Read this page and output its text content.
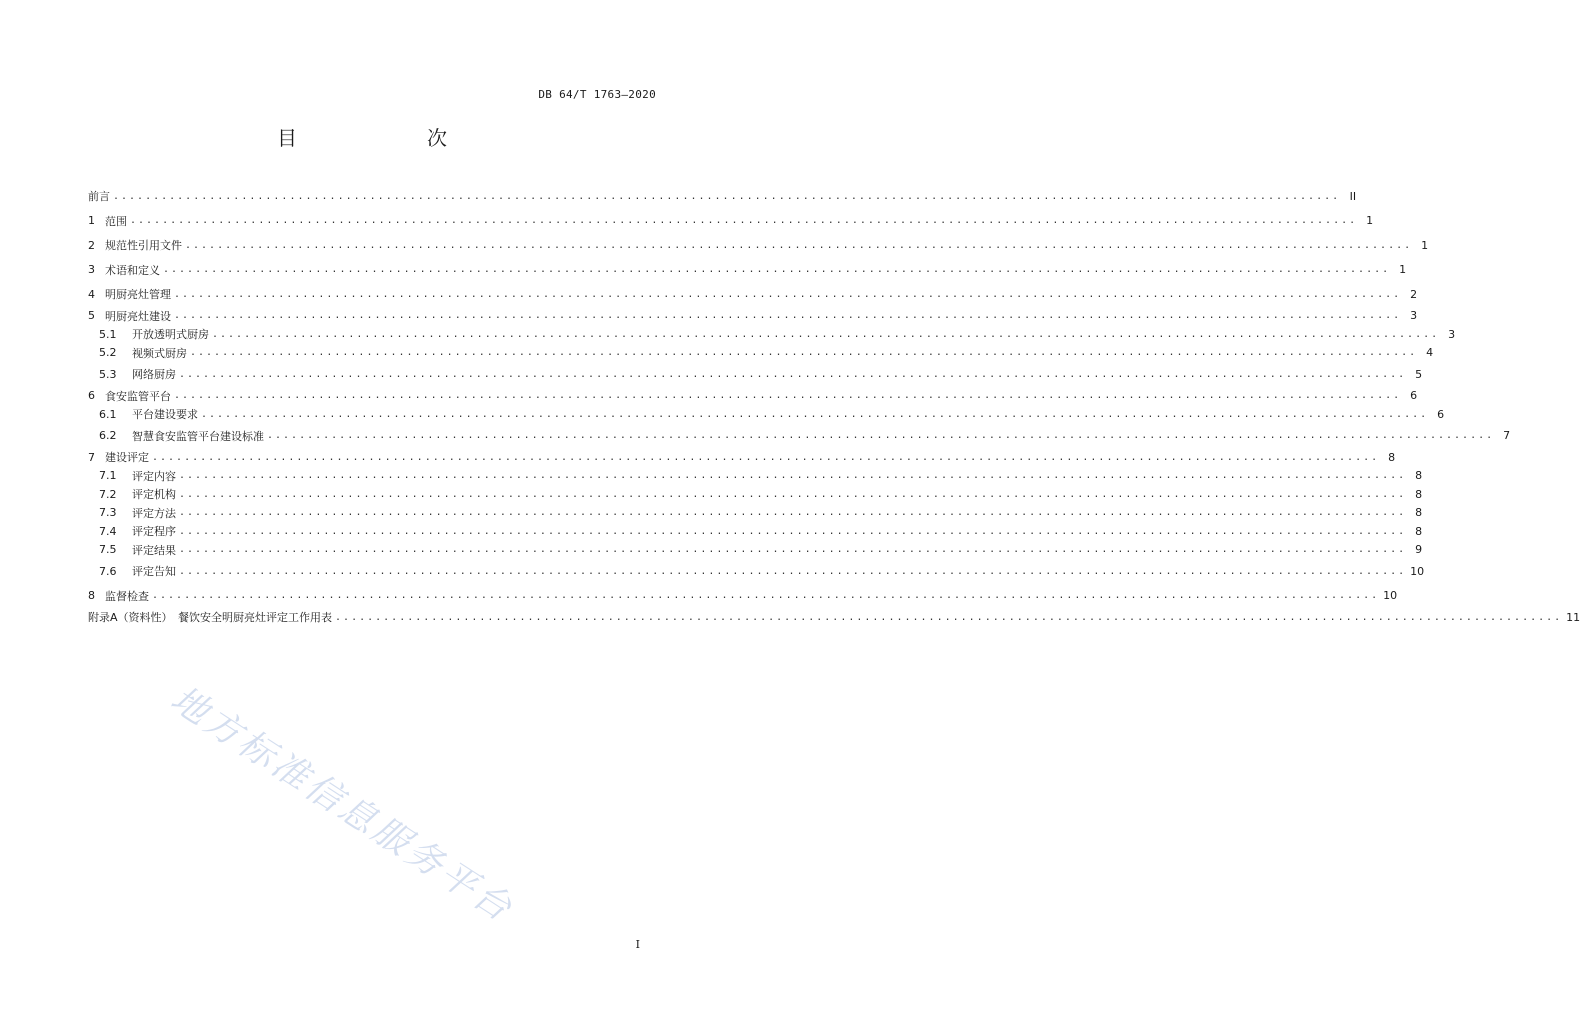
DB 64/T 1763—2020
目　　次
前言 .....	II
1 范围 .....	1
2 规范性引用文件 .....	1
3 术语和定义 .....	1
4 明厨亮灶管理 .....	2
5 明厨亮灶建设 .....	3
5.1	开放透明式厨房 .....	3
5.2	视频式厨房 .....	4
5.3	网络厨房 .....	5
6 食安监管平台 .....	6
6.1	平台建设要求 .....	6
6.2	智慧食安监管平台建设标准 .....	7
7 建设评定 .....	8
7.1	评定内容 .....	8
7.2	评定机构 .....	8
7.3	评定方法 .....	8
7.4	评定程序 .....	8
7.5	评定结果 .....	9
7.6	评定告知 .....	10
8 监督检查 .....	10
附录A（资料性）　餐饮安全明厨亮灶评定工作用表 .....	11
地方标准信息服务平台
I
